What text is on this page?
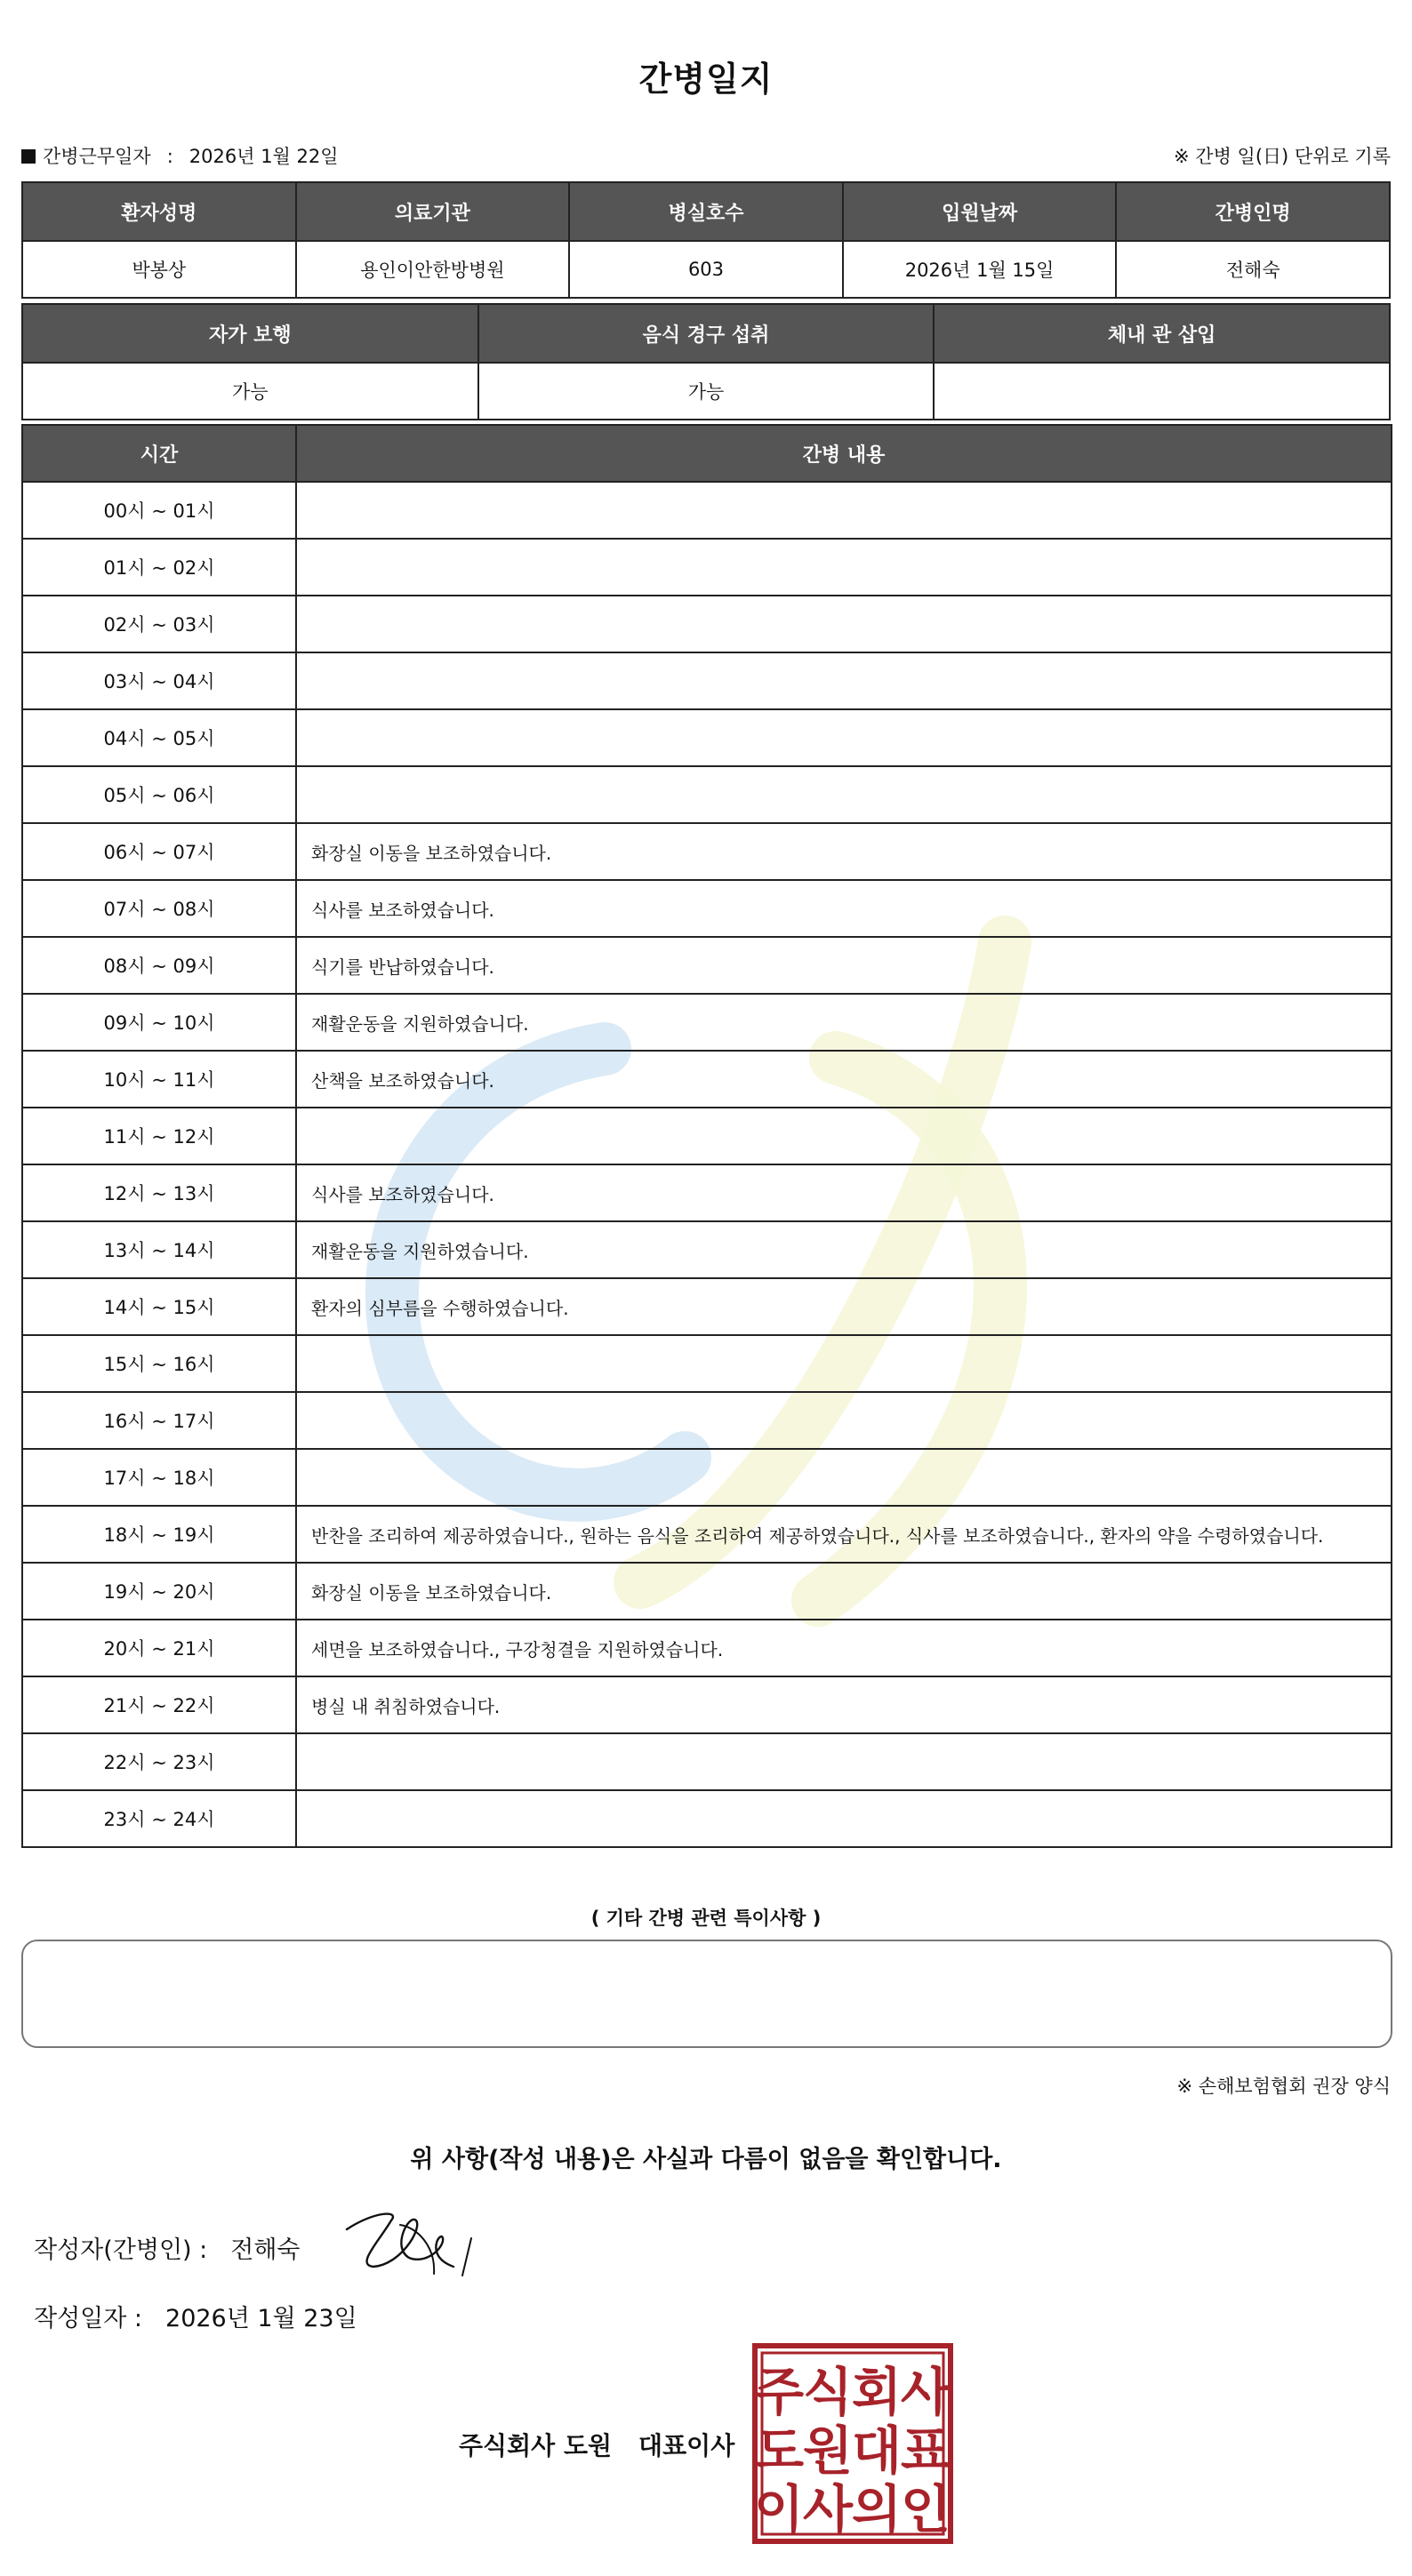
간병일지
간병근무일자 : 2026년 1월 22일	※ 간병 일(日) 단위로 기록
환자성명	의료기관	병실호수	입원날짜	간병인명
박봉상	용인이안한방병원	603	2026년 1월 15일	전해숙
자가 보행	음식 경구 섭취	체내 관 삽입
가능	가능	
시간	간병 내용
00시 ~ 01시	
01시 ~ 02시	
02시 ~ 03시	
03시 ~ 04시	
04시 ~ 05시	
05시 ~ 06시	
06시 ~ 07시	화장실 이동을 보조하였습니다.
07시 ~ 08시	식사를 보조하였습니다.
08시 ~ 09시	식기를 반납하였습니다.
09시 ~ 10시	재활운동을 지원하였습니다.
10시 ~ 11시	산책을 보조하였습니다.
11시 ~ 12시	
12시 ~ 13시	식사를 보조하였습니다.
13시 ~ 14시	재활운동을 지원하였습니다.
14시 ~ 15시	환자의 심부름을 수행하였습니다.
15시 ~ 16시	
16시 ~ 17시	
17시 ~ 18시	
18시 ~ 19시	반찬을 조리하여 제공하였습니다., 원하는 음식을 조리하여 제공하였습니다., 식사를 보조하였습니다., 환자의 약을 수령하였습니다.
19시 ~ 20시	화장실 이동을 보조하였습니다.
20시 ~ 21시	세면을 보조하였습니다., 구강청결을 지원하였습니다.
21시 ~ 22시	병실 내 취침하였습니다.
22시 ~ 23시	
23시 ~ 24시	
( 기타 간병 관련 특이사항 )
※ 손해보험협회 권장 양식
위 사항(작성 내용)은 사실과 다름이 없음을 확인합니다.
작성자(간병인) : 전해숙
작성일자 : 2026년 1월 23일
주식회사 도원 대표이사
주
식
회
사
도
원
대
표
이
사
의
인
